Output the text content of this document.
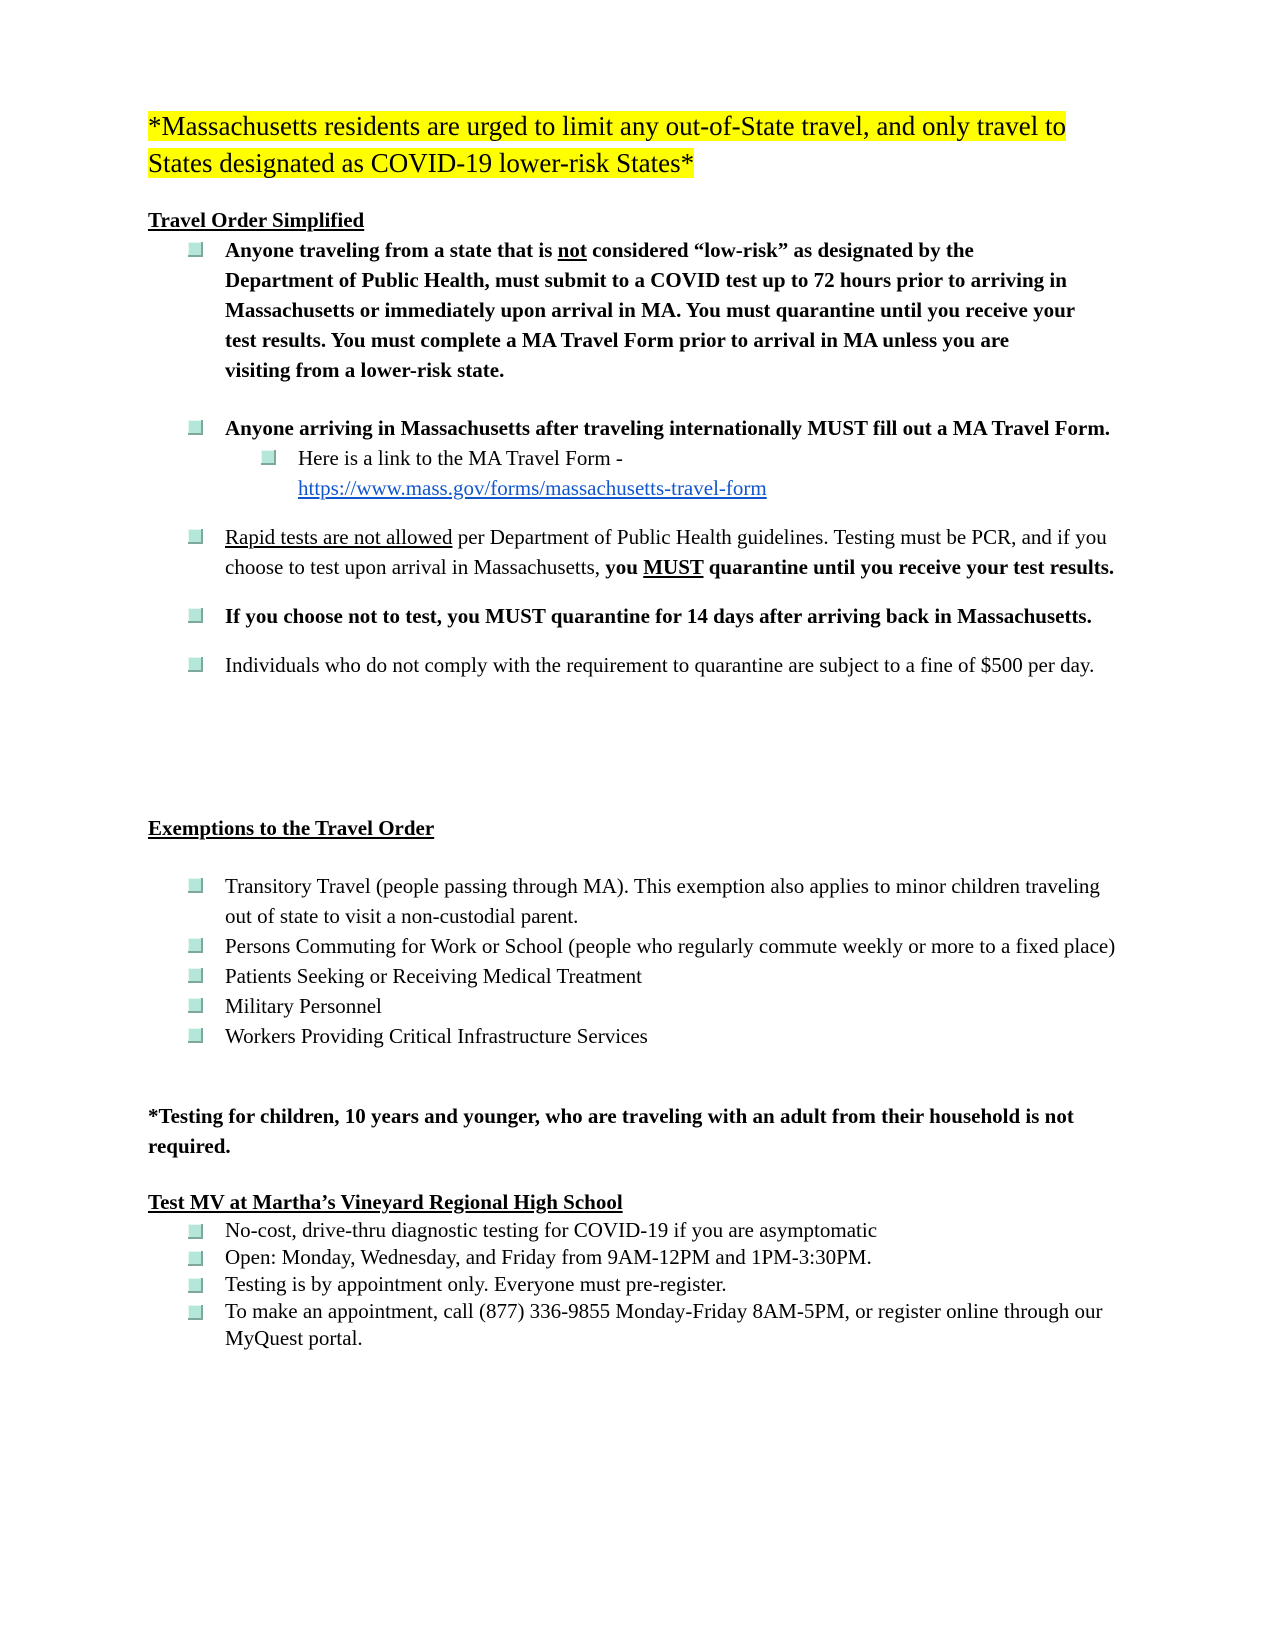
*Massachusetts residents are urged to limit any out-of-State travel, and only travel to States designated as COVID-19 lower-risk States*

Travel Order Simplified

Anyone traveling from a state that is not considered “low-risk” as designated by the Department of Public Health, must submit to a COVID test up to 72 hours prior to arriving in Massachusetts or immediately upon arrival in MA. You must quarantine until you receive your test results. You must complete a MA Travel Form prior to arrival in MA unless you are visiting from a lower-risk state.
Anyone arriving in Massachusetts after traveling internationally MUST fill out a MA Travel Form.
Here is a link to the MA Travel Form -
https://www.mass.gov/forms/massachusetts-travel-form
Rapid tests are not allowed per Department of Public Health guidelines. Testing must be PCR, and if you choose to test upon arrival in Massachusetts, you MUST quarantine until you receive your test results.
If you choose not to test, you MUST quarantine for 14 days after arriving back in Massachusetts.
Individuals who do not comply with the requirement to quarantine are subject to a fine of $500 per day.

Exemptions to the Travel Order

Transitory Travel (people passing through MA). This exemption also applies to minor children traveling out of state to visit a non-custodial parent.
Persons Commuting for Work or School (people who regularly commute weekly or more to a fixed place)
Patients Seeking or Receiving Medical Treatment
Military Personnel
Workers Providing Critical Infrastructure Services

*Testing for children, 10 years and younger, who are traveling with an adult from their household is not required.

Test MV at Martha’s Vineyard Regional High School

No-cost, drive-thru diagnostic testing for COVID-19 if you are asymptomatic
Open: Monday, Wednesday, and Friday from 9AM-12PM and 1PM-3:30PM.
Testing is by appointment only. Everyone must pre-register.
To make an appointment, call (877) 336-9855 Monday-Friday 8AM-5PM, or register online through our MyQuest portal.
